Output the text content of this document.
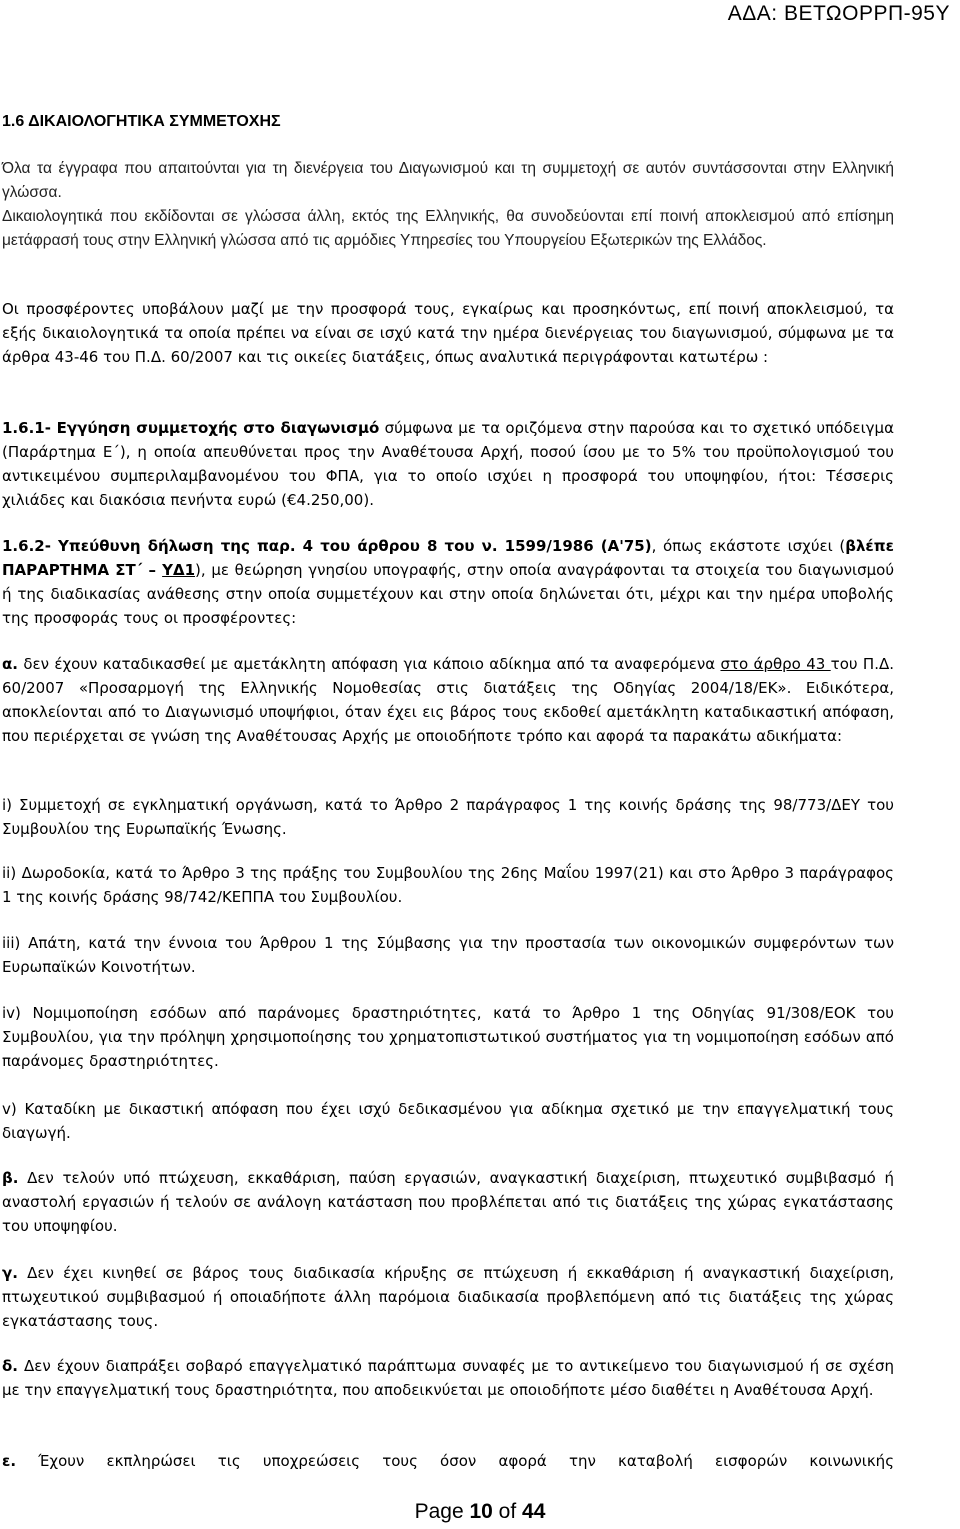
ΑΔΑ: ΒΕΤΩΟΡΡΠ-95Υ
1.6 ΔΙΚΑΙΟΛΟΓΗΤΙΚΑ ΣΥΜΜΕΤΟΧΗΣ

Όλα τα έγγραφα που απαιτούνται για τη διενέργεια του Διαγωνισμού και τη συμμετοχή σε αυτόν συντάσσονται στην Ελληνική γλώσσα.

Δικαιολογητικά που εκδίδονται σε γλώσσα άλλη, εκτός της Ελληνικής, θα συνοδεύονται επί ποινή αποκλεισμού από επίσημη μετάφρασή τους στην Ελληνική γλώσσα από τις αρμόδιες Υπηρεσίες του Υπουργείου Εξωτερικών της Ελλάδος.

Οι προσφέροντες υποβάλουν μαζί με την προσφορά τους, εγκαίρως και προσηκόντως, επί ποινή αποκλεισμού, τα εξής δικαιολογητικά τα οποία πρέπει να είναι σε ισχύ κατά την ημέρα διενέργειας του διαγωνισμού, σύμφωνα με τα άρθρα 43-46 του Π.Δ. 60/2007 και τις οικείες διατάξεις, όπως αναλυτικά περιγράφονται κατωτέρω :

1.6.1- Εγγύηση συμμετοχής στο διαγωνισμό σύμφωνα με τα οριζόμενα στην παρούσα και το σχετικό υπόδειγμα (Παράρτημα Ε΄), η οποία απευθύνεται προς την Αναθέτουσα Αρχή, ποσού ίσου με το 5% του προϋπολογισμού του αντικειμένου συμπεριλαμβανομένου του ΦΠΑ, για το οποίο ισχύει η προσφορά του υποψηφίου, ήτοι: Τέσσερις χιλιάδες και διακόσια πενήντα ευρώ (€4.250,00).

1.6.2- Υπεύθυνη δήλωση της παρ. 4 του άρθρου 8 του ν. 1599/1986 (Α'75), όπως εκάστοτε ισχύει (βλέπε ΠΑΡΑΡΤΗΜΑ ΣΤ΄ – ΥΔ1), με θεώρηση γνησίου υπογραφής, στην οποία αναγράφονται τα στοιχεία του διαγωνισμού ή της διαδικασίας ανάθεσης στην οποία συμμετέχουν και στην οποία δηλώνεται ότι, μέχρι και την ημέρα υποβολής της προσφοράς τους οι προσφέροντες:

α. δεν έχουν καταδικασθεί με αμετάκλητη απόφαση για κάποιο αδίκημα από τα αναφερόμενα στο άρθρο 43 του Π.Δ. 60/2007 «Προσαρμογή της Ελληνικής Νομοθεσίας στις διατάξεις της Οδηγίας 2004/18/ΕΚ». Ειδικότερα, αποκλείονται από το Διαγωνισμό υποψήφιοι, όταν έχει εις βάρος τους εκδοθεί αμετάκλητη καταδικαστική απόφαση, που περιέρχεται σε γνώση της Αναθέτουσας Αρχής με οποιοδήποτε τρόπο και αφορά τα παρακάτω αδικήματα:

i) Συμμετοχή σε εγκληματική οργάνωση, κατά το Άρθρο 2 παράγραφος 1 της κοινής δράσης της 98/773/ΔΕΥ του Συμβουλίου της Ευρωπαϊκής Ένωσης.

ii) Δωροδοκία, κατά το Άρθρο 3 της πράξης του Συμβουλίου της 26ης Μαΐου 1997(21) και στο Άρθρο 3 παράγραφος 1 της κοινής δράσης 98/742/ΚΕΠΠΑ του Συμβουλίου.

iii) Απάτη, κατά την έννοια του Άρθρου 1 της Σύμβασης για την προστασία των οικονομικών συμφερόντων των Ευρωπαϊκών Κοινοτήτων.

iv) Νομιμοποίηση εσόδων από παράνομες δραστηριότητες, κατά το Άρθρο 1 της Οδηγίας 91/308/ΕΟΚ του Συμβουλίου, για την πρόληψη χρησιμοποίησης του χρηματοπιστωτικού συστήματος για τη νομιμοποίηση εσόδων από παράνομες δραστηριότητες.

v) Καταδίκη με δικαστική απόφαση που έχει ισχύ δεδικασμένου για αδίκημα σχετικό με την επαγγελματική τους διαγωγή.

β. Δεν τελούν υπό πτώχευση, εκκαθάριση, παύση εργασιών, αναγκαστική διαχείριση, πτωχευτικό συμβιβασμό ή αναστολή εργασιών ή τελούν σε ανάλογη κατάσταση που προβλέπεται από τις διατάξεις της χώρας εγκατάστασης του υποψηφίου.

γ. Δεν έχει κινηθεί σε βάρος τους διαδικασία κήρυξης σε πτώχευση ή εκκαθάριση ή αναγκαστική διαχείριση, πτωχευτικού συμβιβασμού ή οποιαδήποτε άλλη παρόμοια διαδικασία προβλεπόμενη από τις διατάξεις της χώρας εγκατάστασης τους.

δ. Δεν έχουν διαπράξει σοβαρό επαγγελματικό παράπτωμα συναφές με το αντικείμενο του διαγωνισμού ή σε σχέση με την επαγγελματική τους δραστηριότητα, που αποδεικνύεται με οποιοδήποτε μέσο διαθέτει η Αναθέτουσα Αρχή.

ε. Έχουν εκπληρώσει τις υποχρεώσεις τους όσον αφορά την καταβολή εισφορών κοινωνικής

Page 10 of 44
